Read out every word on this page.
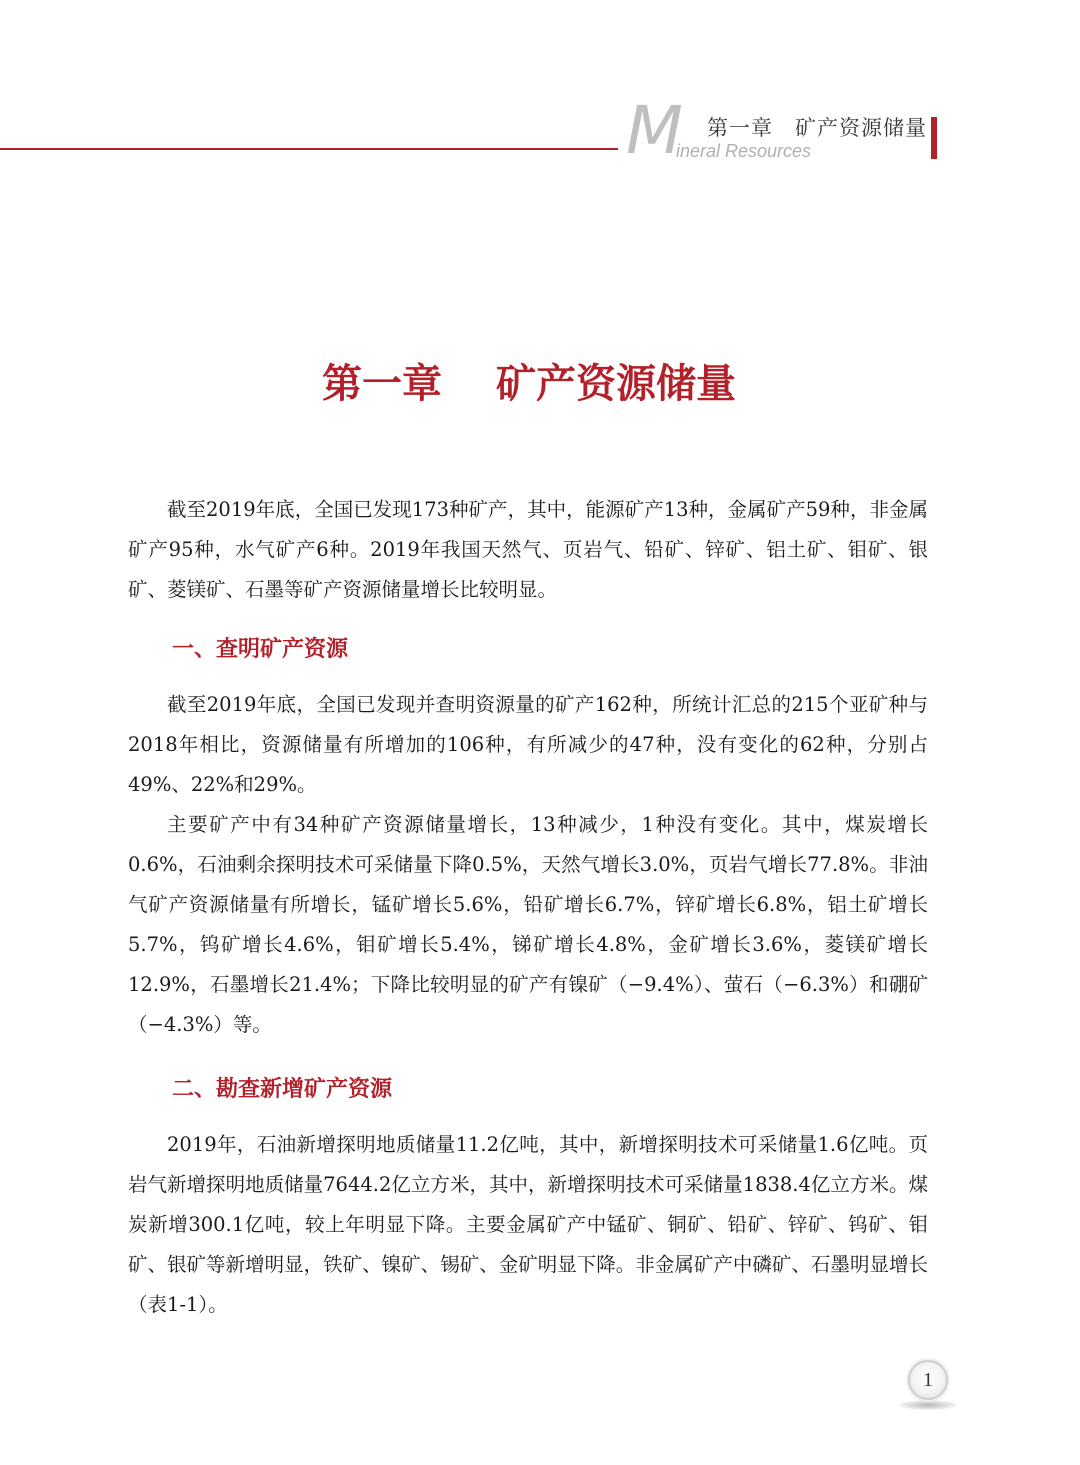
M 第一章　矿产资源储量
ineral Resources
第一章　 矿产资源储量

截至2019年底，全国已发现173种矿产，其中，能源矿产13种，金属矿产59种，非金属矿产95种，水气矿产6种。2019年我国天然气、页岩气、铅矿、锌矿、铝土矿、钼矿、银矿、菱镁矿、石墨等矿产资源储量增长比较明显。

一、查明矿产资源

截至2019年底，全国已发现并查明资源量的矿产162种，所统计汇总的215个亚矿种与2018年相比，资源储量有所增加的106种，有所减少的47种，没有变化的62种，分别占49%、22%和29%。

主要矿产中有34种矿产资源储量增长，13种减少，1种没有变化。其中，煤炭增长0.6%，石油剩余探明技术可采储量下降0.5%，天然气增长3.0%，页岩气增长77.8%。非油气矿产资源储量有所增长，锰矿增长5.6%，铅矿增长6.7%，锌矿增长6.8%，铝土矿增长5.7%，钨矿增长4.6%，钼矿增长5.4%，锑矿增长4.8%，金矿增长3.6%，菱镁矿增长12.9%，石墨增长21.4%；下降比较明显的矿产有镍矿（−9.4%）、萤石（−6.3%）和硼矿（−4.3%）等。

二、勘查新增矿产资源

2019年，石油新增探明地质储量11.2亿吨，其中，新增探明技术可采储量1.6亿吨。页岩气新增探明地质储量7644.2亿立方米，其中，新增探明技术可采储量1838.4亿立方米。煤炭新增300.1亿吨，较上年明显下降。主要金属矿产中锰矿、铜矿、铅矿、锌矿、钨矿、钼矿、银矿等新增明显，铁矿、镍矿、锡矿、金矿明显下降。非金属矿产中磷矿、石墨明显增长（表1-1）。

1
